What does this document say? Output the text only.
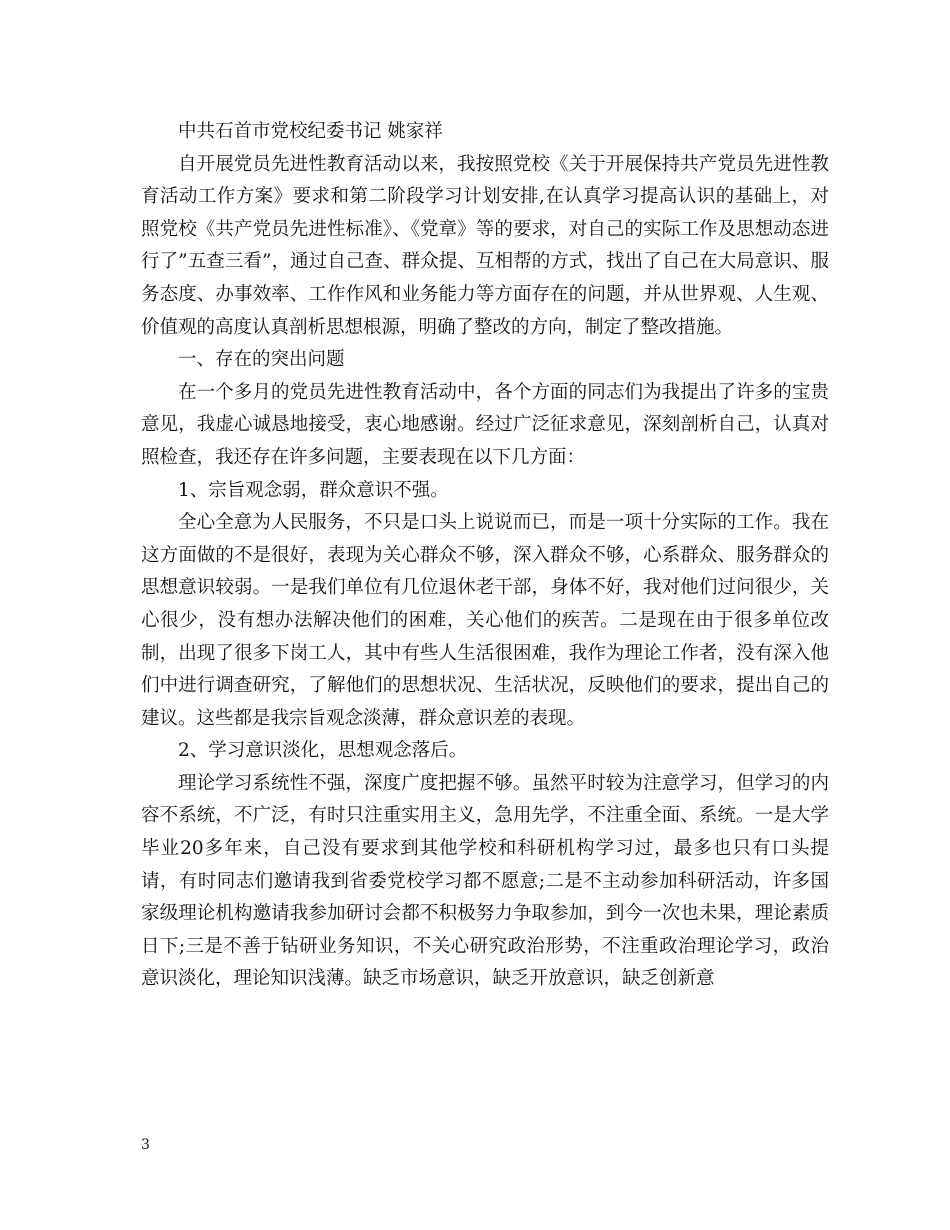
中共石首市党校纪委书记 姚家祥

自开展党员先进性教育活动以来，我按照党校《关于开展保持共产党员先进性教育活动工作方案》要求和第二阶段学习计划安排,在认真学习提高认识的基础上，对照党校《共产党员先进性标准》、《党章》等的要求，对自己的实际工作及思想动态进行了”五查三看”，通过自己查、群众提、互相帮的方式，找出了自己在大局意识、服务态度、办事效率、工作作风和业务能力等方面存在的问题，并从世界观、人生观、价值观的高度认真剖析思想根源，明确了整改的方向，制定了整改措施。

一、存在的突出问题

在一个多月的党员先进性教育活动中，各个方面的同志们为我提出了许多的宝贵意见，我虚心诚恳地接受，衷心地感谢。经过广泛征求意见，深刻剖析自己，认真对照检查，我还存在许多问题，主要表现在以下几方面：

1、宗旨观念弱，群众意识不强。

全心全意为人民服务，不只是口头上说说而已，而是一项十分实际的工作。我在这方面做的不是很好，表现为关心群众不够，深入群众不够，心系群众、服务群众的思想意识较弱。一是我们单位有几位退休老干部，身体不好，我对他们过问很少，关心很少，没有想办法解决他们的困难，关心他们的疾苦。二是现在由于很多单位改制，出现了很多下岗工人，其中有些人生活很困难，我作为理论工作者，没有深入他们中进行调查研究，了解他们的思想状况、生活状况，反映他们的要求，提出自己的建议。这些都是我宗旨观念淡薄，群众意识差的表现。

2、学习意识淡化，思想观念落后。

理论学习系统性不强，深度广度把握不够。虽然平时较为注意学习，但学习的内容不系统，不广泛，有时只注重实用主义，急用先学，不注重全面、系统。一是大学毕业20多年来，自己没有要求到其他学校和科研机构学习过，最多也只有口头提请，有时同志们邀请我到省委党校学习都不愿意;二是不主动参加科研活动，许多国家级理论机构邀请我参加研讨会都不积极努力争取参加，到今一次也未果，理论素质日下;三是不善于钻研业务知识，不关心研究政治形势，不注重政治理论学习，政治意识淡化，理论知识浅薄。缺乏市场意识，缺乏开放意识，缺乏创新意

3
